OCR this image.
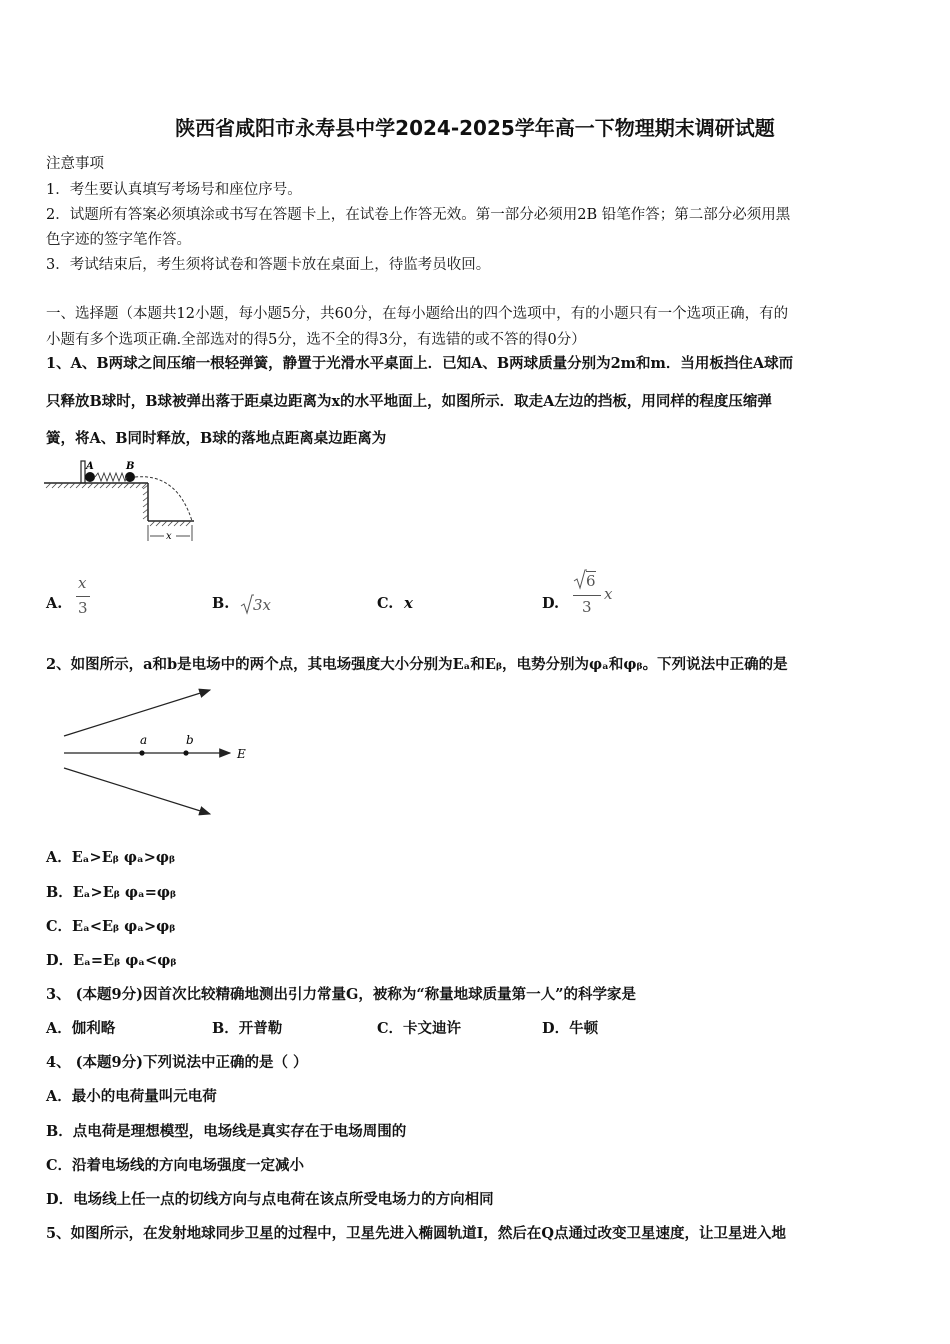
陕西省咸阳市永寿县中学2024-2025学年高一下物理期末调研试题
注意事项
1．考生要认真填写考场号和座位序号。
2．试题所有答案必须填涂或书写在答题卡上，在试卷上作答无效。第一部分必须用2B 铅笔作答；第二部分必须用黑
色字迹的签字笔作答。
3．考试结束后，考生须将试卷和答题卡放在桌面上，待监考员收回。
一、选择题（本题共12小题，每小题5分，共60分，在每小题给出的四个选项中，有的小题只有一个选项正确，有的
小题有多个选项正确.全部选对的得5分，选不全的得3分，有选错的或不答的得0分）
1、A、B两球之间压缩一根轻弹簧，静置于光滑水平桌面上．已知A、B两球质量分别为2m和m．当用板挡住A球而
只释放B球时，B球被弹出落于距桌边距离为x的水平地面上，如图所示．取走A左边的挡板，用同样的程度压缩弹
簧，将A、B同时释放，B球的落地点距离桌边距离为
A	B
x
A.
x
3	B. 3x	C. x	D.
6
3
x
2、如图所示，a和b是电场中的两个点，其电场强度大小分别为Eₐ和Eᵦ，电势分别为φₐ和φᵦ。下列说法中正确的是
a	b
E
A．Eₐ>Eᵦ φₐ>φᵦ
B．Eₐ>Eᵦ φₐ=φᵦ
C．Eₐ<Eᵦ φₐ>φᵦ
D．Eₐ=Eᵦ φₐ<φᵦ
3、 (本题9分)因首次比较精确地测出引力常量G，被称为“称量地球质量第一人”的科学家是
A．伽利略	B．开普勒	C．卡文迪许	D．牛顿
4、 (本题9分)下列说法中正确的是（ ）
A．最小的电荷量叫元电荷
B．点电荷是理想模型，电场线是真实存在于电场周围的
C．沿着电场线的方向电场强度一定减小
D．电场线上任一点的切线方向与点电荷在该点所受电场力的方向相同
5、如图所示，在发射地球同步卫星的过程中，卫星先进入椭圆轨道Ⅰ，然后在Q点通过改变卫星速度，让卫星进入地
